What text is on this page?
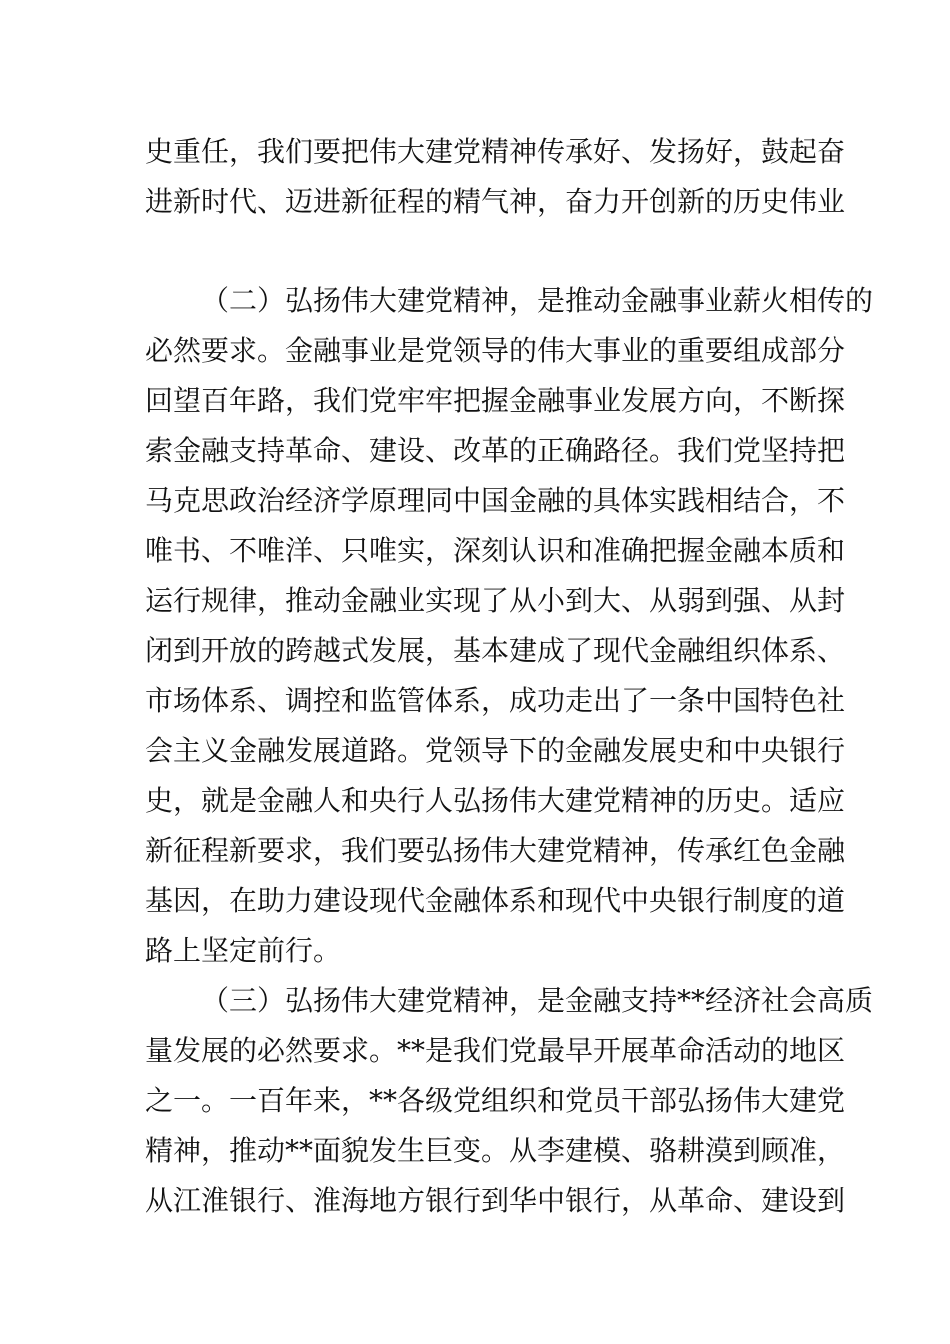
史重任，我们要把伟大建党精神传承好、发扬好，鼓起奋
进新时代、迈进新征程的精气神，奋力开创新的历史伟业
（二）弘扬伟大建党精神，是推动金融事业薪火相传的
必然要求。金融事业是党领导的伟大事业的重要组成部分
回望百年路，我们党牢牢把握金融事业发展方向，不断探
索金融支持革命、建设、改革的正确路径。我们党坚持把
马克思政治经济学原理同中国金融的具体实践相结合，不
唯书、不唯洋、只唯实，深刻认识和准确把握金融本质和
运行规律，推动金融业实现了从小到大、从弱到强、从封
闭到开放的跨越式发展，基本建成了现代金融组织体系、
市场体系、调控和监管体系，成功走出了一条中国特色社
会主义金融发展道路。党领导下的金融发展史和中央银行
史，就是金融人和央行人弘扬伟大建党精神的历史。适应
新征程新要求，我们要弘扬伟大建党精神，传承红色金融
基因，在助力建设现代金融体系和现代中央银行制度的道
路上坚定前行。
（三）弘扬伟大建党精神，是金融支持**经济社会高质
量发展的必然要求。**是我们党最早开展革命活动的地区
之一。一百年来，**各级党组织和党员干部弘扬伟大建党
精神，推动**面貌发生巨变。从李建模、骆耕漠到顾准，
从江淮银行、淮海地方银行到华中银行，从革命、建设到
